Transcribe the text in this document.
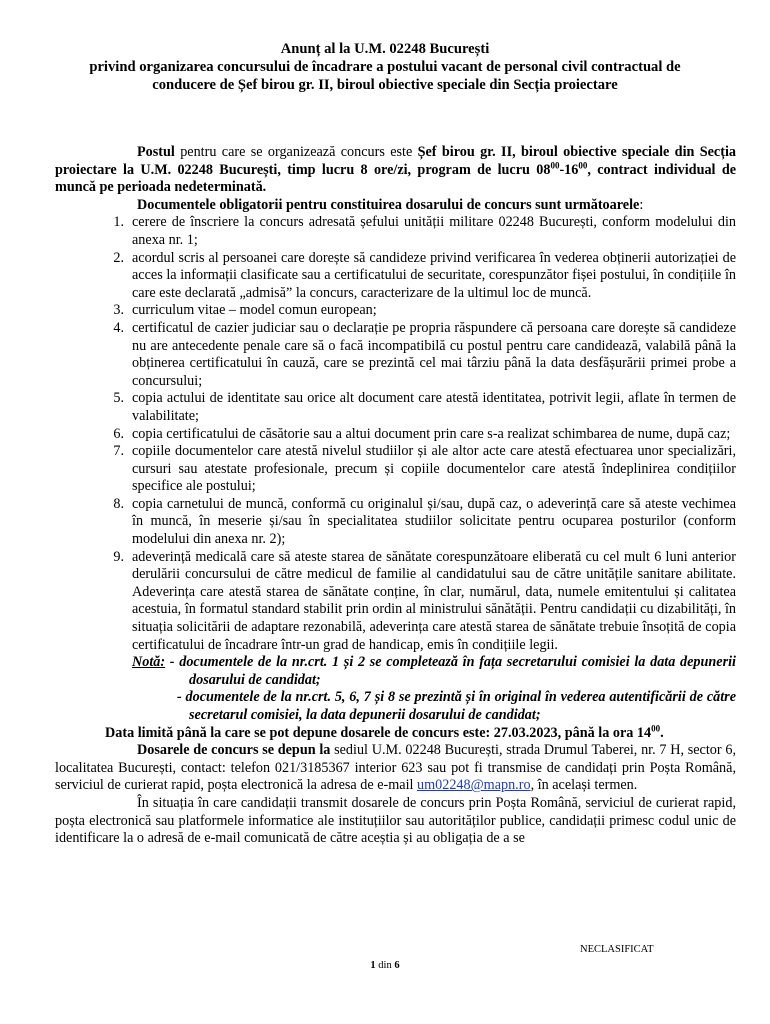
Anunț al la U.M. 02248 București
privind organizarea concursului de încadrare a postului vacant de personal civil contractual de
conducere de Șef birou gr. II, biroul obiective speciale din Secția proiectare

Postul pentru care se organizează concurs este Șef birou gr. II, biroul obiective speciale din Secția proiectare la U.M. 02248 București, timp lucru 8 ore/zi, program de lucru $08^{00}-16^{00}$, contract individual de muncă pe perioada nedeterminată.

Documentele obligatorii pentru constituirea dosarului de concurs sunt următoarele:

1. cerere de înscriere la concurs adresată șefului unității militare 02248 București, conform modelului din anexa nr. 1;
2. acordul scris al persoanei care dorește să candideze privind verificarea în vederea obținerii autorizației de acces la informații clasificate sau a certificatului de securitate, corespunzător fișei postului, în condițiile în care este declarată „admisă” la concurs, caracterizare de la ultimul loc de muncă.
3. curriculum vitae – model comun european;
4. certificatul de cazier judiciar sau o declarație pe propria răspundere că persoana care dorește să candideze nu are antecedente penale care să o facă incompatibilă cu postul pentru care candidează, valabilă până la obținerea certificatului în cauză, care se prezintă cel mai târziu până la data desfășurării primei probe a concursului;
5. copia actului de identitate sau orice alt document care atestă identitatea, potrivit legii, aflate în termen de valabilitate;
6. copia certificatului de căsătorie sau a altui document prin care s-a realizat schimbarea de nume, după caz;
7. copiile documentelor care atestă nivelul studiilor și ale altor acte care atestă efectuarea unor specializări, cursuri sau atestate profesionale, precum și copiile documentelor care atestă îndeplinirea condițiilor specifice ale postului;
8. copia carnetului de muncă, conformă cu originalul și/sau, după caz, o adeverință care să ateste vechimea în muncă, în meserie și/sau în specialitatea studiilor solicitate pentru ocuparea posturilor (conform modelului din anexa nr. 2);
9. adeverință medicală care să ateste starea de sănătate corespunzătoare eliberată cu cel mult 6 luni anterior derulării concursului de către medicul de familie al candidatului sau de către unitățile sanitare abilitate. Adeverința care atestă starea de sănătate conține, în clar, numărul, data, numele emitentului și calitatea acestuia, în formatul standard stabilit prin ordin al ministrului sănătății. Pentru candidații cu dizabilități, în situația solicitării de adaptare rezonabilă, adeverința care atestă starea de sănătate trebuie însoțită de copia certificatului de încadrare într-un grad de handicap, emis în condițiile legii.
Notă: - documentele de la nr.crt. 1 și 2 se completează în fața secretarului comisiei la data depunerii dosarului de candidat;
- documentele de la nr.crt. 5, 6, 7 și 8 se prezintă și în original în vederea autentificării de către secretarul comisiei, la data depunerii dosarului de candidat;

Data limită până la care se pot depune dosarele de concurs este: 27.03.2023, până la ora $14^{00}$.

Dosarele de concurs se depun la sediul U.M. 02248 București, strada Drumul Taberei, nr. 7 H, sector 6, localitatea București, contact: telefon 021/3185367 interior 623 sau pot fi transmise de candidați prin Poșta Română, serviciul de curierat rapid, poșta electronică la adresa de e-mail um02248@mapn.ro, în același termen.

În situația în care candidații transmit dosarele de concurs prin Poșta Română, serviciul de curierat rapid, poșta electronică sau platformele informatice ale instituțiilor sau autorităților publice, candidații primesc codul unic de identificare la o adresă de e-mail comunicată de către aceștia și au obligația de a se

NECLASIFICAT
1 din 6
